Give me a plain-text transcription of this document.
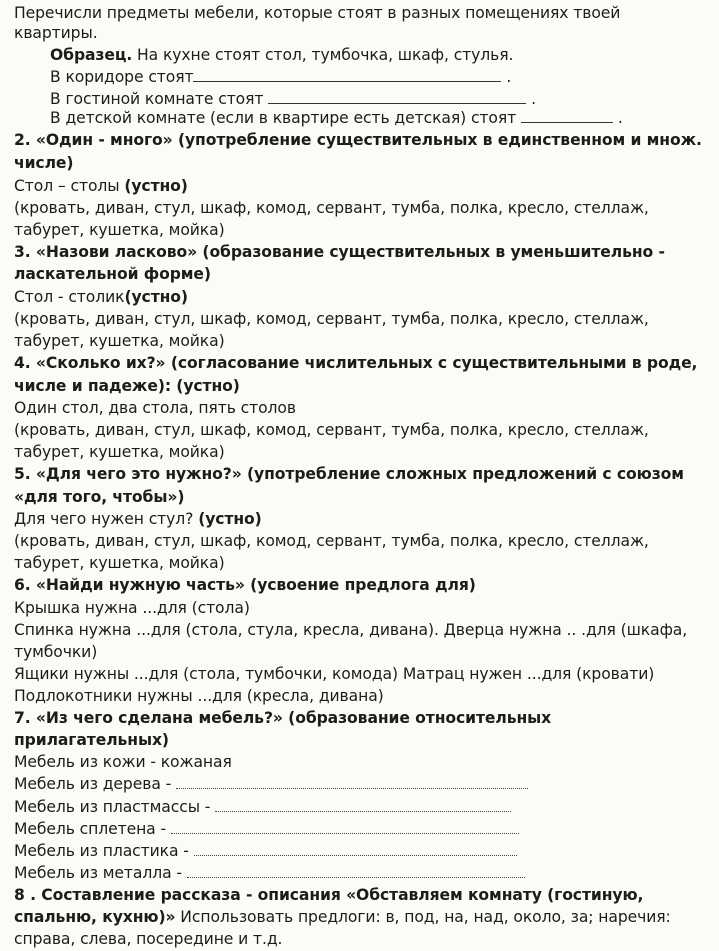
Перечисли предметы мебели, которые стоят в разных помещениях твоей
квартиры.
Образец. На кухне стоят стол, тумбочка, шкаф, стулья.
В коридоре стоят	.
В гостиной комнате стоят	.
В детской комнате (если в квартире есть детская) стоят	.
2. «Один - много» (употребление существительных в единственном и множ.
числе)
Стол – столы (устно)
(кровать, диван, стул, шкаф, комод, сервант, тумба, полка, кресло, стеллаж,
табурет, кушетка, мойка)
3. «Назови ласково» (образование существительных в уменьшительно -
ласкательной форме)
Стол - столик(устно)
(кровать, диван, стул, шкаф, комод, сервант, тумба, полка, кресло, стеллаж,
табурет, кушетка, мойка)
4. «Сколько их?» (согласование числительных с существительными в роде,
числе и падеже): (устно)
Один стол, два стола, пять столов
(кровать, диван, стул, шкаф, комод, сервант, тумба, полка, кресло, стеллаж,
табурет, кушетка, мойка)
5. «Для чего это нужно?» (употребление сложных предложений с союзом
«для того, чтобы»)
Для чего нужен стул? (устно)
(кровать, диван, стул, шкаф, комод, сервант, тумба, полка, кресло, стеллаж,
табурет, кушетка, мойка)
6. «Найди нужную часть» (усвоение предлога для)
Крышка нужна ...для (стола)
Спинка нужна ...для (стола, стула, кресла, дивана). Дверца нужна .. .для (шкафа,
тумбочки)
Ящики нужны ...для (стола, тумбочки, комода) Матрац нужен ...для (кровати)
Подлокотники нужны ...для (кресла, дивана)
7. «Из чего сделана мебель?» (образование относительных
прилагательных)
Мебель из кожи - кожаная
Мебель из дерева -
Мебель из пластмассы -
Мебель сплетена -
Мебель из пластика -
Мебель из металла -
8 . Составление рассказа - описания «Обставляем комнату (гостиную,
спальню, кухню)» Использовать предлоги: в, под, на, над, около, за; наречия:
справа, слева, посередине и т.д.
